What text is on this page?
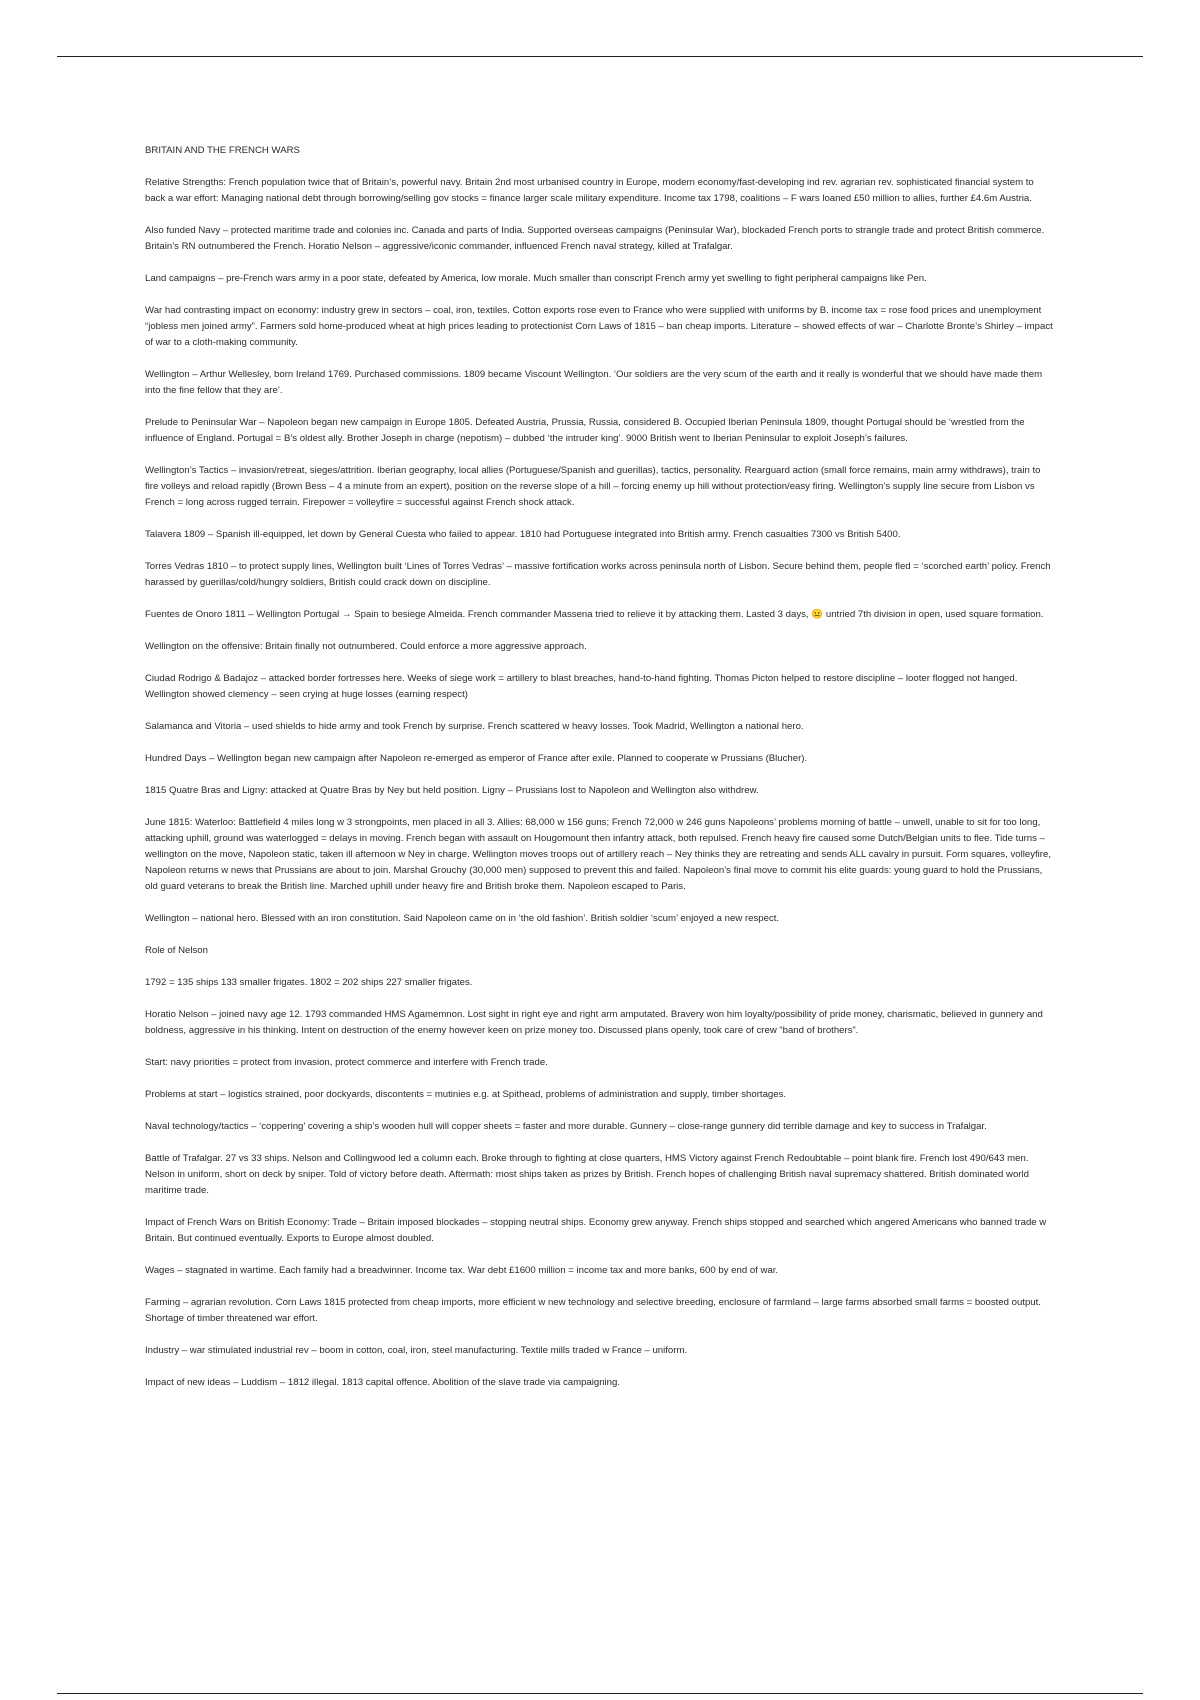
BRITAIN AND THE FRENCH WARS

Relative Strengths: French population twice that of Britain’s, powerful navy. Britain 2nd most urbanised country in Europe, modern economy/fast-developing ind rev. agrarian rev. sophisticated financial system to back a war effort: Managing national debt through borrowing/selling gov stocks = finance larger scale military expenditure. Income tax 1798, coalitions – F wars loaned £50 million to allies, further £4.6m Austria.

Also funded Navy – protected maritime trade and colonies inc. Canada and parts of India. Supported overseas campaigns (Peninsular War), blockaded French ports to strangle trade and protect British commerce. Britain’s RN outnumbered the French. Horatio Nelson – aggressive/iconic commander, influenced French naval strategy, killed at Trafalgar.

Land campaigns – pre-French wars army in a poor state, defeated by America, low morale. Much smaller than conscript French army yet swelling to fight peripheral campaigns like Pen.

War had contrasting impact on economy: industry grew in sectors – coal, iron, textiles. Cotton exports rose even to France who were supplied with uniforms by B. income tax = rose food prices and unemployment “jobless men joined army”. Farmers sold home-produced wheat at high prices leading to protectionist Corn Laws of 1815 – ban cheap imports. Literature – showed effects of war – Charlotte Bronte’s Shirley – impact of war to a cloth-making community.

Wellington – Arthur Wellesley, born Ireland 1769. Purchased commissions. 1809 became Viscount Wellington. ‘Our soldiers are the very scum of the earth and it really is wonderful that we should have made them into the fine fellow that they are’.

Prelude to Peninsular War – Napoleon began new campaign in Europe 1805. Defeated Austria, Prussia, Russia, considered B. Occupied Iberian Peninsula 1809, thought Portugal should be ‘wrestled from the influence of England. Portugal = B’s oldest ally. Brother Joseph in charge (nepotism) – dubbed ‘the intruder king’. 9000 British went to Iberian Peninsular to exploit Joseph’s failures.

Wellington’s Tactics – invasion/retreat, sieges/attrition. Iberian geography, local allies (Portuguese/Spanish and guerillas), tactics, personality. Rearguard action (small force remains, main army withdraws), train to fire volleys and reload rapidly (Brown Bess – 4 a minute from an expert), position on the reverse slope of a hill – forcing enemy up hill without protection/easy firing. Wellington’s supply line secure from Lisbon vs French = long across rugged terrain. Firepower = volleyfire = successful against French shock attack.

Talavera 1809 – Spanish ill-equipped, let down by General Cuesta who failed to appear. 1810 had Portuguese integrated into British army. French casualties 7300 vs British 5400.

Torres Vedras 1810 – to protect supply lines, Wellington built ‘Lines of Torres Vedras’ – massive fortification works across peninsula north of Lisbon. Secure behind them, people fled = ‘scorched earth’ policy. French harassed by guerillas/cold/hungry soldiers, British could crack down on discipline.

Fuentes de Onoro 1811 – Wellington Portugal → Spain to besiege Almeida. French commander Massena tried to relieve it by attacking them. Lasted 3 days, 😐 untried 7th division in open, used square formation.

Wellington on the offensive: Britain finally not outnumbered. Could enforce a more aggressive approach.

Ciudad Rodrigo & Badajoz – attacked border fortresses here. Weeks of siege work = artillery to blast breaches, hand-to-hand fighting. Thomas Picton helped to restore discipline – looter flogged not hanged. Wellington showed clemency – seen crying at huge losses (earning respect)

Salamanca and Vitoria – used shields to hide army and took French by surprise. French scattered w heavy losses. Took Madrid, Wellington a national hero.

Hundred Days – Wellington began new campaign after Napoleon re-emerged as emperor of France after exile. Planned to cooperate w Prussians (Blucher).

1815 Quatre Bras and Ligny: attacked at Quatre Bras by Ney but held position. Ligny – Prussians lost to Napoleon and Wellington also withdrew.

June 1815: Waterloo: Battlefield 4 miles long w 3 strongpoints, men placed in all 3. Allies: 68,000 w 156 guns; French 72,000 w 246 guns Napoleons’ problems morning of battle – unwell, unable to sit for too long, attacking uphill, ground was waterlogged = delays in moving. French began with assault on Hougomount then infantry attack, both repulsed. French heavy fire caused some Dutch/Belgian units to flee. Tide turns – wellington on the move, Napoleon static, taken ill afternoon w Ney in charge. Wellington moves troops out of artillery reach – Ney thinks they are retreating and sends ALL cavalry in pursuit. Form squares, volleyfire, Napoleon returns w news that Prussians are about to join. Marshal Grouchy (30,000 men) supposed to prevent this and failed. Napoleon’s final move to commit his elite guards: young guard to hold the Prussians, old guard veterans to break the British line. Marched uphill under heavy fire and British broke them. Napoleon escaped to Paris.

Wellington – national hero. Blessed with an iron constitution. Said Napoleon came on in ‘the old fashion’. British soldier ‘scum’ enjoyed a new respect.

Role of Nelson

1792 = 135 ships 133 smaller frigates. 1802 = 202 ships 227 smaller frigates.

Horatio Nelson – joined navy age 12. 1793 commanded HMS Agamemnon. Lost sight in right eye and right arm amputated. Bravery won him loyalty/possibility of pride money, charismatic, believed in gunnery and boldness, aggressive in his thinking. Intent on destruction of the enemy however keen on prize money too. Discussed plans openly, took care of crew “band of brothers”.

Start: navy priorities = protect from invasion, protect commerce and interfere with French trade.

Problems at start – logistics strained, poor dockyards, discontents = mutinies e.g. at Spithead, problems of administration and supply, timber shortages.

Naval technology/tactics – ‘coppering’ covering a ship’s wooden hull will copper sheets = faster and more durable. Gunnery – close-range gunnery did terrible damage and key to success in Trafalgar.

Battle of Trafalgar. 27 vs 33 ships. Nelson and Collingwood led a column each. Broke through to fighting at close quarters, HMS Victory against French Redoubtable – point blank fire. French lost 490/643 men. Nelson in uniform, short on deck by sniper. Told of victory before death. Aftermath: most ships taken as prizes by British. French hopes of challenging British naval supremacy shattered. British dominated world maritime trade.

Impact of French Wars on British Economy: Trade – Britain imposed blockades – stopping neutral ships. Economy grew anyway. French ships stopped and searched which angered Americans who banned trade w Britain. But continued eventually. Exports to Europe almost doubled.

Wages – stagnated in wartime. Each family had a breadwinner. Income tax. War debt £1600 million = income tax and more banks, 600 by end of war.

Farming – agrarian revolution. Corn Laws 1815 protected from cheap imports, more efficient w new technology and selective breeding, enclosure of farmland – large farms absorbed small farms = boosted output. Shortage of timber threatened war effort.

Industry – war stimulated industrial rev – boom in cotton, coal, iron, steel manufacturing. Textile mills traded w France – uniform.

Impact of new ideas – Luddism – 1812 illegal. 1813 capital offence. Abolition of the slave trade via campaigning.
